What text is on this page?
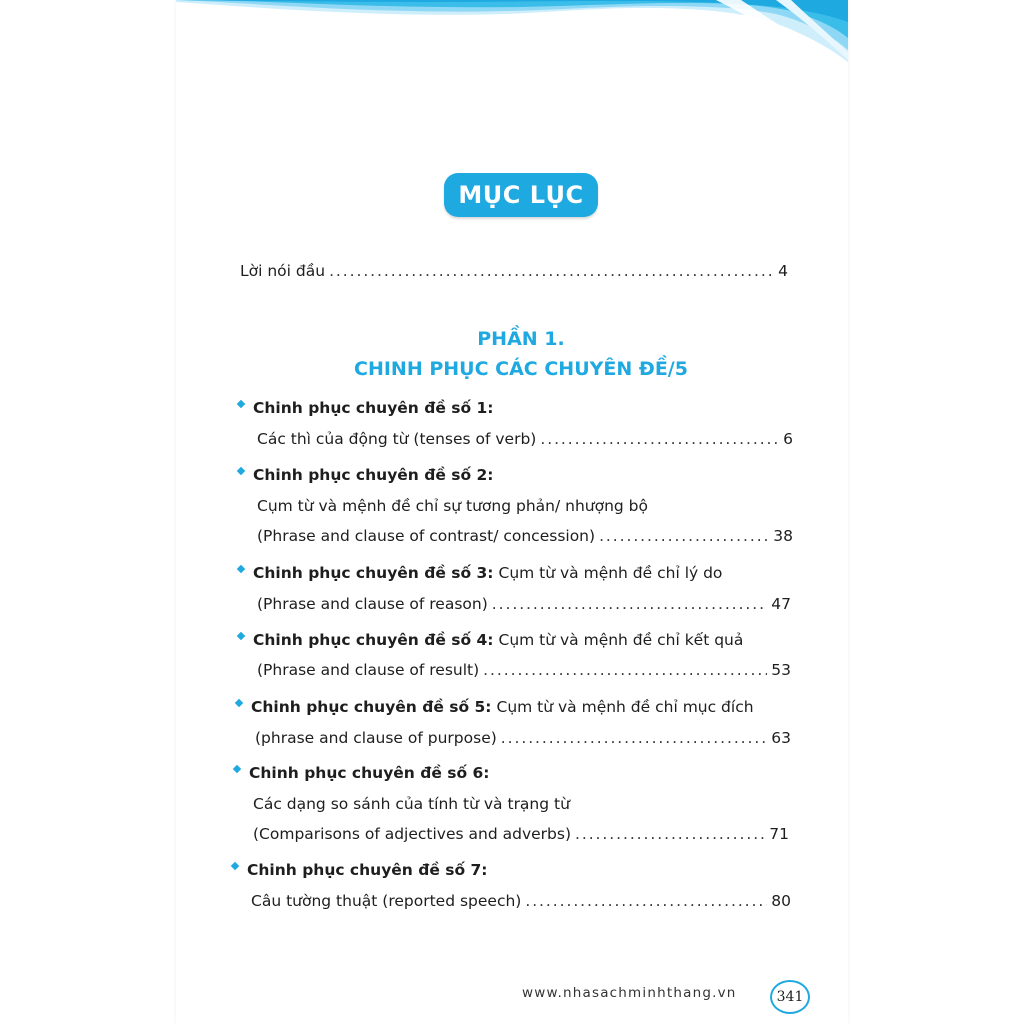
MỤC LỤC
Lời nói đầu . . .	4
PHẦN 1.
CHINH PHỤC CÁC CHUYÊN ĐỀ/5
Chinh phục chuyên đề số 1:
Các thì của động từ (tenses of verb) . . .	6
Chinh phục chuyên đề số 2:
Cụm từ và mệnh đề chỉ sự tương phản/ nhượng bộ
(Phrase and clause of contrast/ concession) . . .	38
Chinh phục chuyên đề số 3: Cụm từ và mệnh đề chỉ lý do
(Phrase and clause of reason) . . .	47
Chinh phục chuyên đề số 4: Cụm từ và mệnh đề chỉ kết quả
(Phrase and clause of result) . . .	53
Chinh phục chuyên đề số 5: Cụm từ và mệnh đề chỉ mục đích
(phrase and clause of purpose) . . .	63
Chinh phục chuyên đề số 6:
Các dạng so sánh của tính từ và trạng từ
(Comparisons of adjectives and adverbs) . . .	71
Chinh phục chuyên đề số 7:
Câu tường thuật (reported speech) . . .	80
www.nhasachminhthang.vn	341
